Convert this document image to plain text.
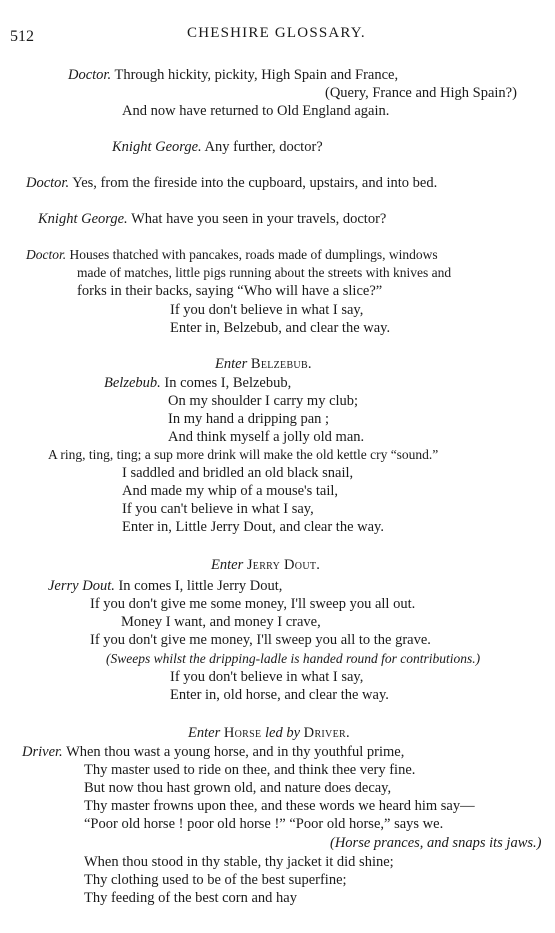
512	CHESHIRE GLOSSARY.
Doctor. Through hickity, pickity, High Spain and France,
(Query, France and High Spain?)
And now have returned to Old England again.
Knight George. Any further, doctor?
Doctor. Yes, from the fireside into the cupboard, upstairs, and into bed.
Knight George. What have you seen in your travels, doctor?
Doctor. Houses thatched with pancakes, roads made of dumplings, windows
made of matches, little pigs running about the streets with knives and
forks in their backs, saying “Who will have a slice?”
If you don't believe in what I say,
Enter in, Belzebub, and clear the way.
Enter Belzebub.
Belzebub. In comes I, Belzebub,
On my shoulder I carry my club;
In my hand a dripping pan ;
And think myself a jolly old man.
A ring, ting, ting; a sup more drink will make the old kettle cry “sound.”
I saddled and bridled an old black snail,
And made my whip of a mouse's tail,
If you can't believe in what I say,
Enter in, Little Jerry Dout, and clear the way.
Enter Jerry Dout.
Jerry Dout. In comes I, little Jerry Dout,
If you don't give me some money, I'll sweep you all out.
Money I want, and money I crave,
If you don't give me money, I'll sweep you all to the grave.
(Sweeps whilst the dripping-ladle is handed round for contributions.)
If you don't believe in what I say,
Enter in, old horse, and clear the way.
Enter Horse led by Driver.
Driver. When thou wast a young horse, and in thy youthful prime,
Thy master used to ride on thee, and think thee very fine.
But now thou hast grown old, and nature does decay,
Thy master frowns upon thee, and these words we heard him say—
“Poor old horse ! poor old horse !” “Poor old horse,” says we.
(Horse prances, and snaps its jaws.)
When thou stood in thy stable, thy jacket it did shine;
Thy clothing used to be of the best superfine;
Thy feeding of the best corn and hay
